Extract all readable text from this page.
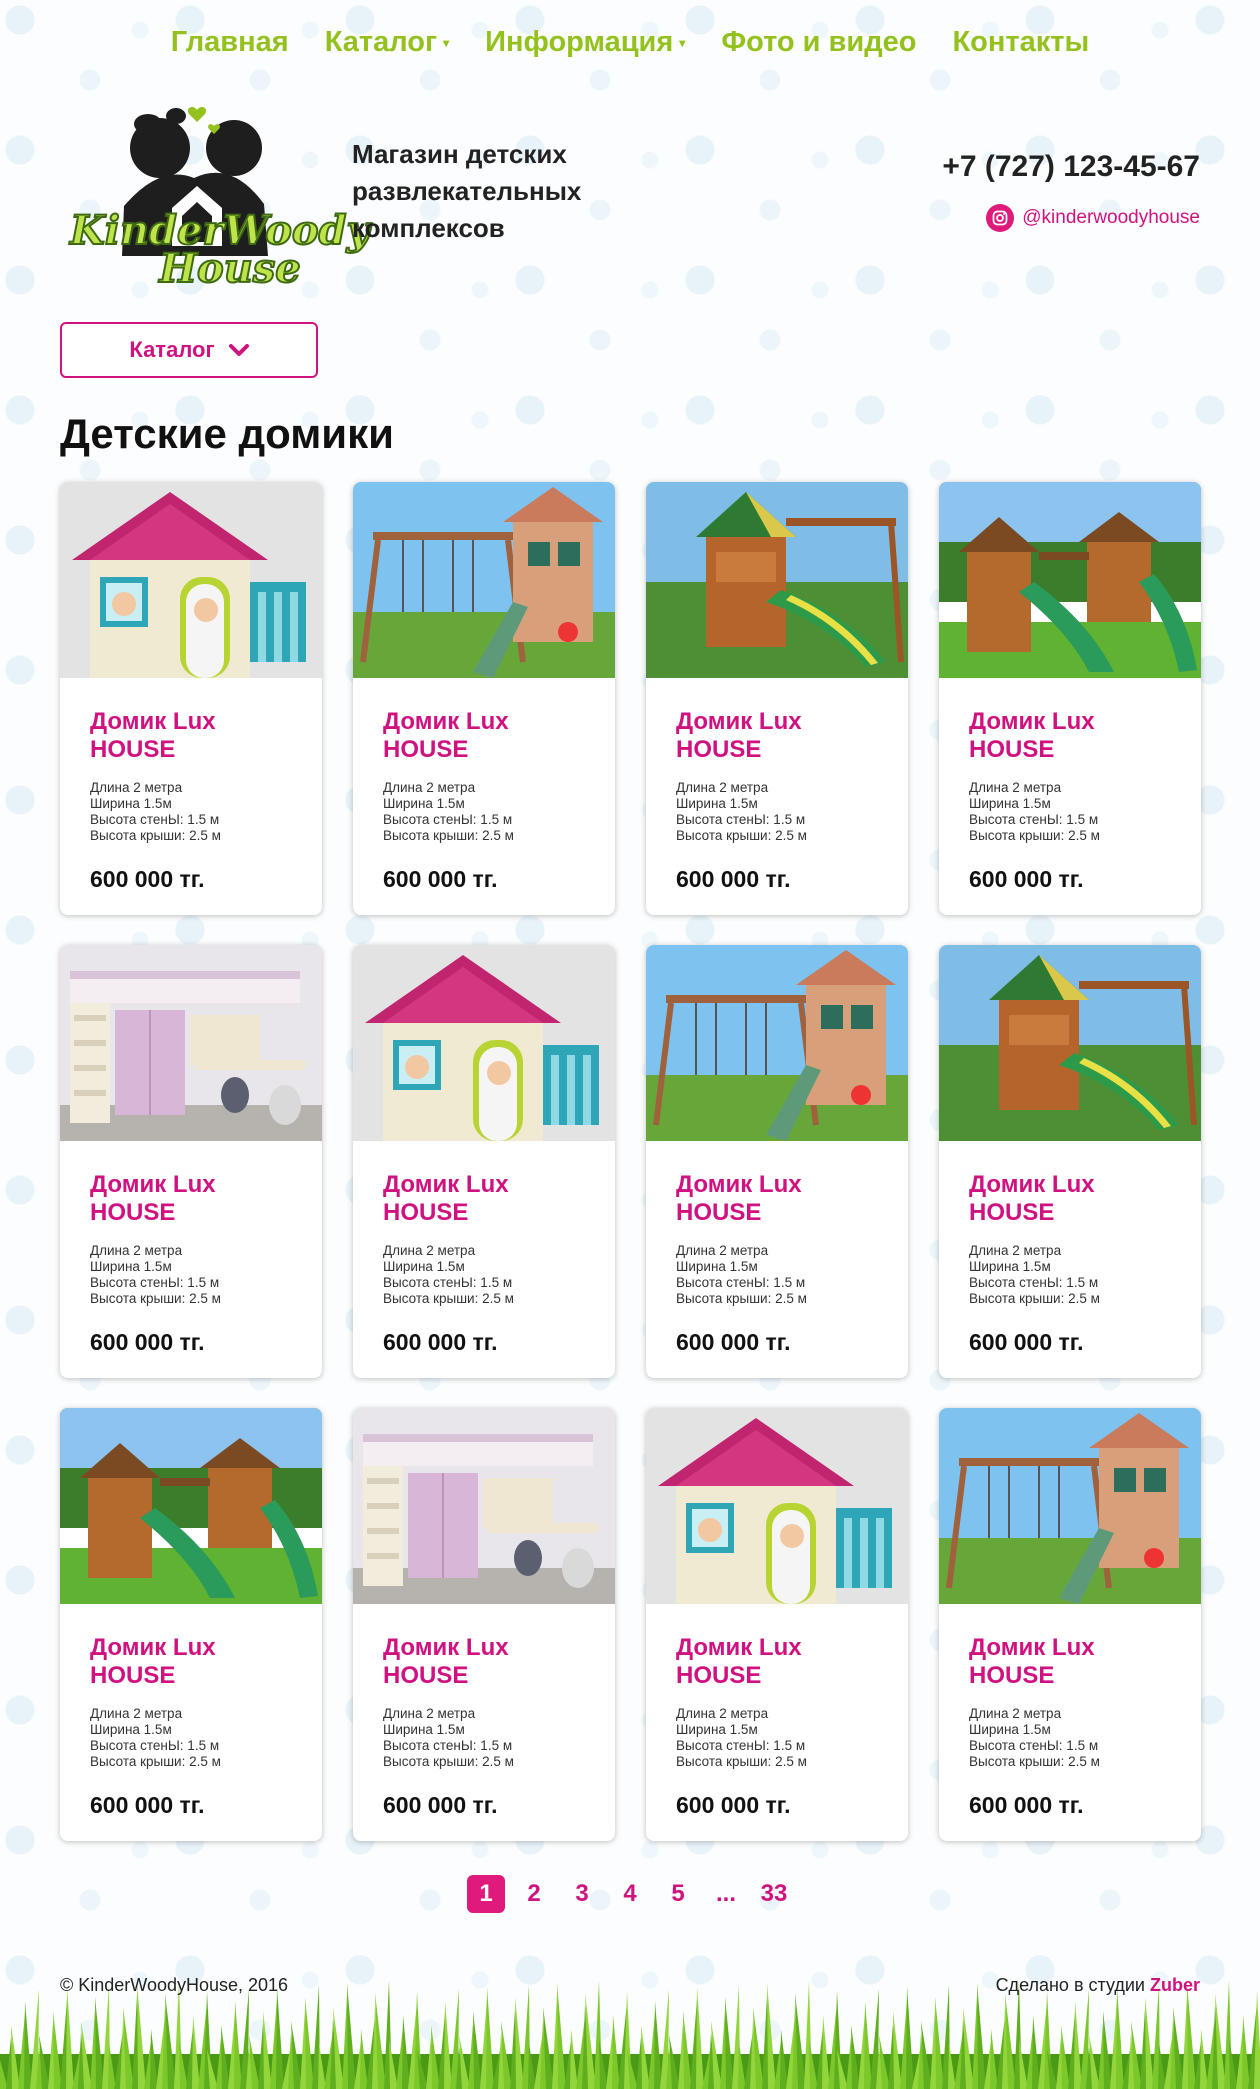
Главная Каталог ▾ Информация ▾ Фото и видео Контакты
KinderWoody
House
Магазин детских
развлекательных
комплексов
+7 (727) 123-45-67
@kinderwoodyhouse
Каталог
Детские домики
Домик Lux
HOUSE
Длина 2 метра
Ширина 1.5м
Высота стенЫ: 1.5 м
Высота крыши: 2.5 м
600 000 тг.
Домик Lux
HOUSE
Длина 2 метра
Ширина 1.5м
Высота стенЫ: 1.5 м
Высота крыши: 2.5 м
600 000 тг.
Домик Lux
HOUSE
Длина 2 метра
Ширина 1.5м
Высота стенЫ: 1.5 м
Высота крыши: 2.5 м
600 000 тг.
Домик Lux
HOUSE
Длина 2 метра
Ширина 1.5м
Высота стенЫ: 1.5 м
Высота крыши: 2.5 м
600 000 тг.
Домик Lux
HOUSE
Длина 2 метра
Ширина 1.5м
Высота стенЫ: 1.5 м
Высота крыши: 2.5 м
600 000 тг.
Домик Lux
HOUSE
Длина 2 метра
Ширина 1.5м
Высота стенЫ: 1.5 м
Высота крыши: 2.5 м
600 000 тг.
Домик Lux
HOUSE
Длина 2 метра
Ширина 1.5м
Высота стенЫ: 1.5 м
Высота крыши: 2.5 м
600 000 тг.
Домик Lux
HOUSE
Длина 2 метра
Ширина 1.5м
Высота стенЫ: 1.5 м
Высота крыши: 2.5 м
600 000 тг.
Домик Lux
HOUSE
Длина 2 метра
Ширина 1.5м
Высота стенЫ: 1.5 м
Высота крыши: 2.5 м
600 000 тг.
Домик Lux
HOUSE
Длина 2 метра
Ширина 1.5м
Высота стенЫ: 1.5 м
Высота крыши: 2.5 м
600 000 тг.
Домик Lux
HOUSE
Длина 2 метра
Ширина 1.5м
Высота стенЫ: 1.5 м
Высота крыши: 2.5 м
600 000 тг.
Домик Lux
HOUSE
Длина 2 метра
Ширина 1.5м
Высота стенЫ: 1.5 м
Высота крыши: 2.5 м
600 000 тг.
1	2	3	4	5	...	33
© KinderWoodyHouse, 2016	Сделано в студии Zuber
